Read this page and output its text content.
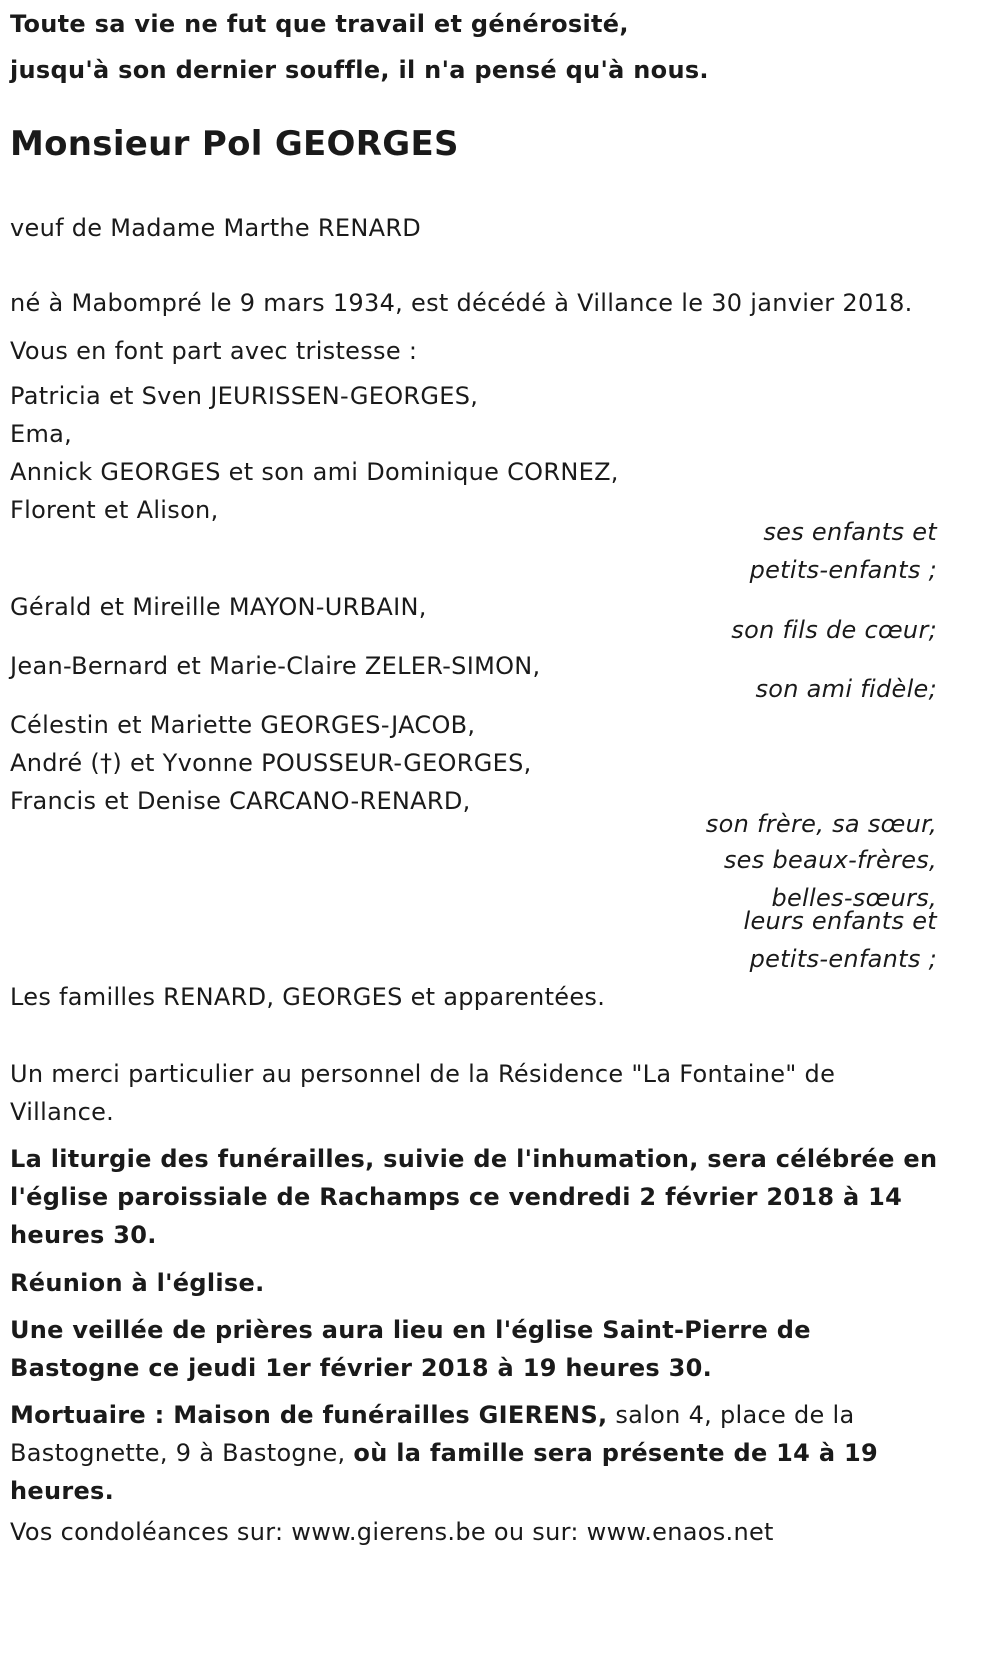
Toute sa vie ne fut que travail et générosité,
jusqu'à son dernier souffle, il n'a pensé qu'à nous.
Monsieur Pol GEORGES
veuf de Madame Marthe RENARD
né à Mabompré le 9 mars 1934, est décédé à Villance le 30 janvier 2018.
Vous en font part avec tristesse :
Patricia et Sven JEURISSEN-GEORGES,
Ema,
Annick GEORGES et son ami Dominique CORNEZ,
Florent et Alison,
ses enfants et
petits-enfants ;
Gérald et Mireille MAYON-URBAIN,
son fils de cœur;
Jean-Bernard et Marie-Claire ZELER-SIMON,
son ami fidèle;
Célestin et Mariette GEORGES-JACOB,
André (†) et Yvonne POUSSEUR-GEORGES,
Francis et Denise CARCANO-RENARD,
son frère, sa sœur,
ses beaux-frères,
belles-sœurs,
leurs enfants et
petits-enfants ;
Les familles RENARD, GEORGES et apparentées.
Un merci particulier au personnel de la Résidence "La Fontaine" de Villance.
La liturgie des funérailles, suivie de l'inhumation, sera célébrée en l'église paroissiale de Rachamps ce vendredi 2 février 2018 à 14 heures 30.
Réunion à l'église.
Une veillée de prières aura lieu en l'église Saint-Pierre de Bastogne ce jeudi 1er février 2018 à 19 heures 30.
Mortuaire : Maison de funérailles GIERENS, salon 4, place de la Bastognette, 9 à Bastogne, où la famille sera présente de 14 à 19 heures.
Vos condoléances sur: www.gierens.be ou sur: www.enaos.net
